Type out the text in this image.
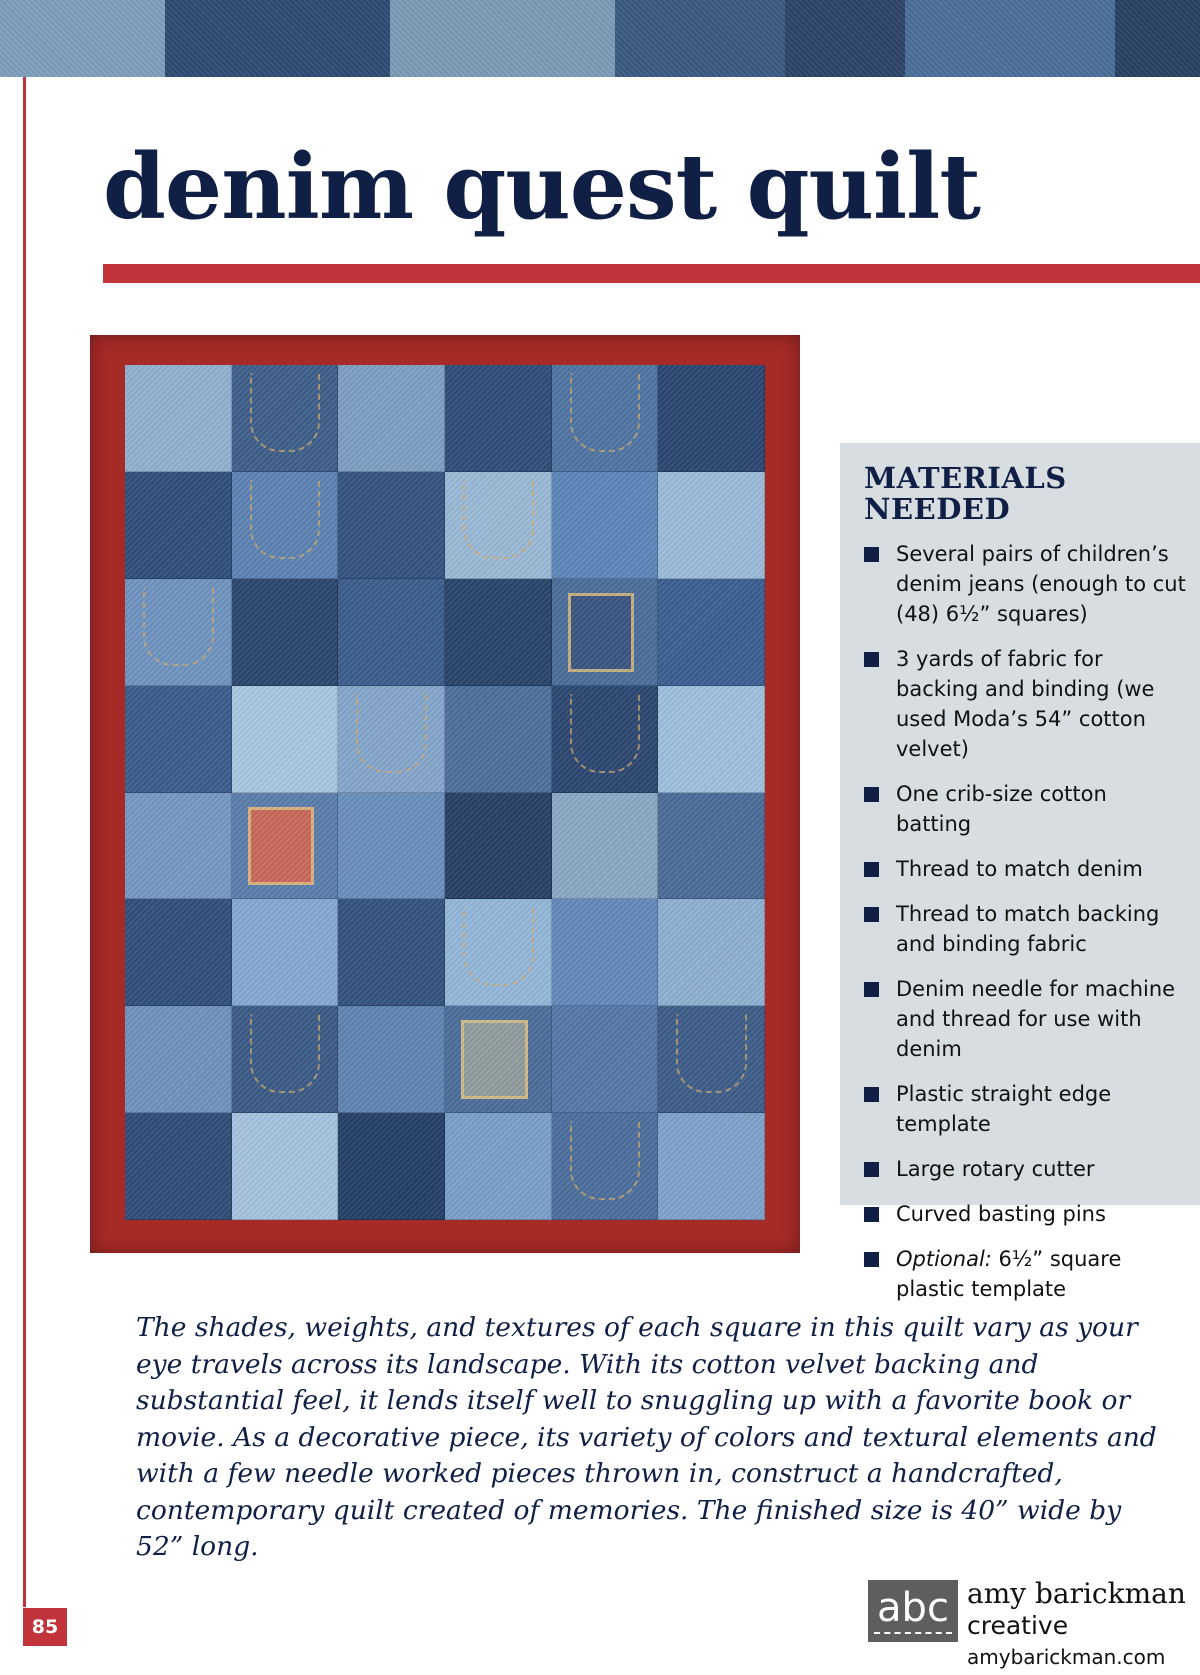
denim quest quilt
MATERIALS
NEEDED
Several pairs of children’s denim jeans (enough to cut (48) 6½” squares)
3 yards of fabric for backing and binding (we used Moda’s 54” cotton velvet)
One crib-size cotton batting
Thread to match denim
Thread to match backing and binding fabric
Denim needle for machine and thread for use with denim
Plastic straight edge template
Large rotary cutter
Curved basting pins
Optional: 6½” square plastic template

The shades, weights, and textures of each square in this quilt vary as your eye travels across its landscape. With its cotton velvet backing and substantial feel, it lends itself well to snuggling up with a favorite book or movie. As a decorative piece, its variety of colors and textural elements and with a few needle worked pieces thrown in, construct a handcrafted, contemporary quilt created of memories. The finished size is 40” wide by 52” long.

85	abc amy barickman
creative
amybarickman.com
